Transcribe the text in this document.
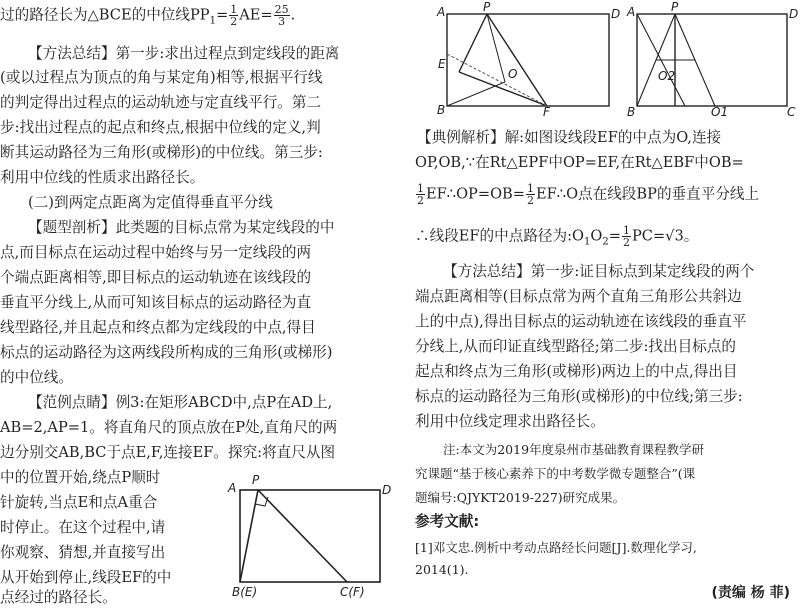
过的路径长为△BCE的中位线$PP_1= \frac{1}{2} AE= \frac{25}{3}$ .
【方法总结】第一步:求出过程点到定线段的距离
(或以过程点为顶点的角与某定角)相等,根据平行线
的判定得出过程点的运动轨迹与定直线平行。第二
步:找出过程点的起点和终点,根据中位线的定义,判
断其运动路径为三角形(或梯形)的中位线。第三步:
利用中位线的性质求出路径长。
(二)到两定点距离为定值得垂直平分线
【题型剖析】此类题的目标点常为某定线段的中
点,而目标点在运动过程中始终与另一定线段的两
个端点距离相等,即目标点的运动轨迹在该线段的
垂直平分线上,从而可知该目标点的运动路径为直
线型路径,并且起点和终点都为定线段的中点,得目
标点的运动路径为这两线段所构成的三角形(或梯形)
的中位线。
【范例点睛】例3:在矩形ABCD中,点P在AD上,
AB=2,AP=1。将直角尺的顶点放在P处,直角尺的两
边分别交AB,BC于点E,F,连接EF。探究:将直尺从图
中的位置开始,绕点P顺时
针旋转,当点E和点A重合
时停止。在这个过程中,请
你观察、猜想,并直接写出
从开始到停止,线段EF的中
点经过的路径长。
A
P
D
B(E)	C(F)
A	P	D
E
O
B	F
A	P	D
O2
O1
B	C
【典例解析】解:如图设线段EF的中点为O,连接
OP,OB,∵在Rt△EPF中OP=EF,在Rt△EBF中OB=
$\frac{1}{2}$ EF∴OP=OB= $\frac{1}{2}$ EF∴O点在线段BP的垂直平分线上
∴线段EF的中点路径为$:O_1O_2= \frac{1}{2} PC=√3$。
【方法总结】第一步:证目标点到某定线段的两个
端点距离相等(目标点常为两个直角三角形公共斜边
上的中点),得出目标点的运动轨迹在该线段的垂直平
分线上,从而印证直线型路径;第二步:找出目标点的
起点和终点为三角形(或梯形)两边上的中点,得出目
标点的运动路径为三角形(或梯形)的中位线;第三步:
利用中位线定理求出路径长。
注:本文为2019年度泉州市基础教育课程教学研
究课题“基于核心素养下的中考数学微专题整合”(课
题编号:QJYKT2019-227)研究成果。
参考文献:
[1]邓文忠.例析中考动点路经长问题[J].数理化学习,
2014(1).
(责编 杨 菲)
